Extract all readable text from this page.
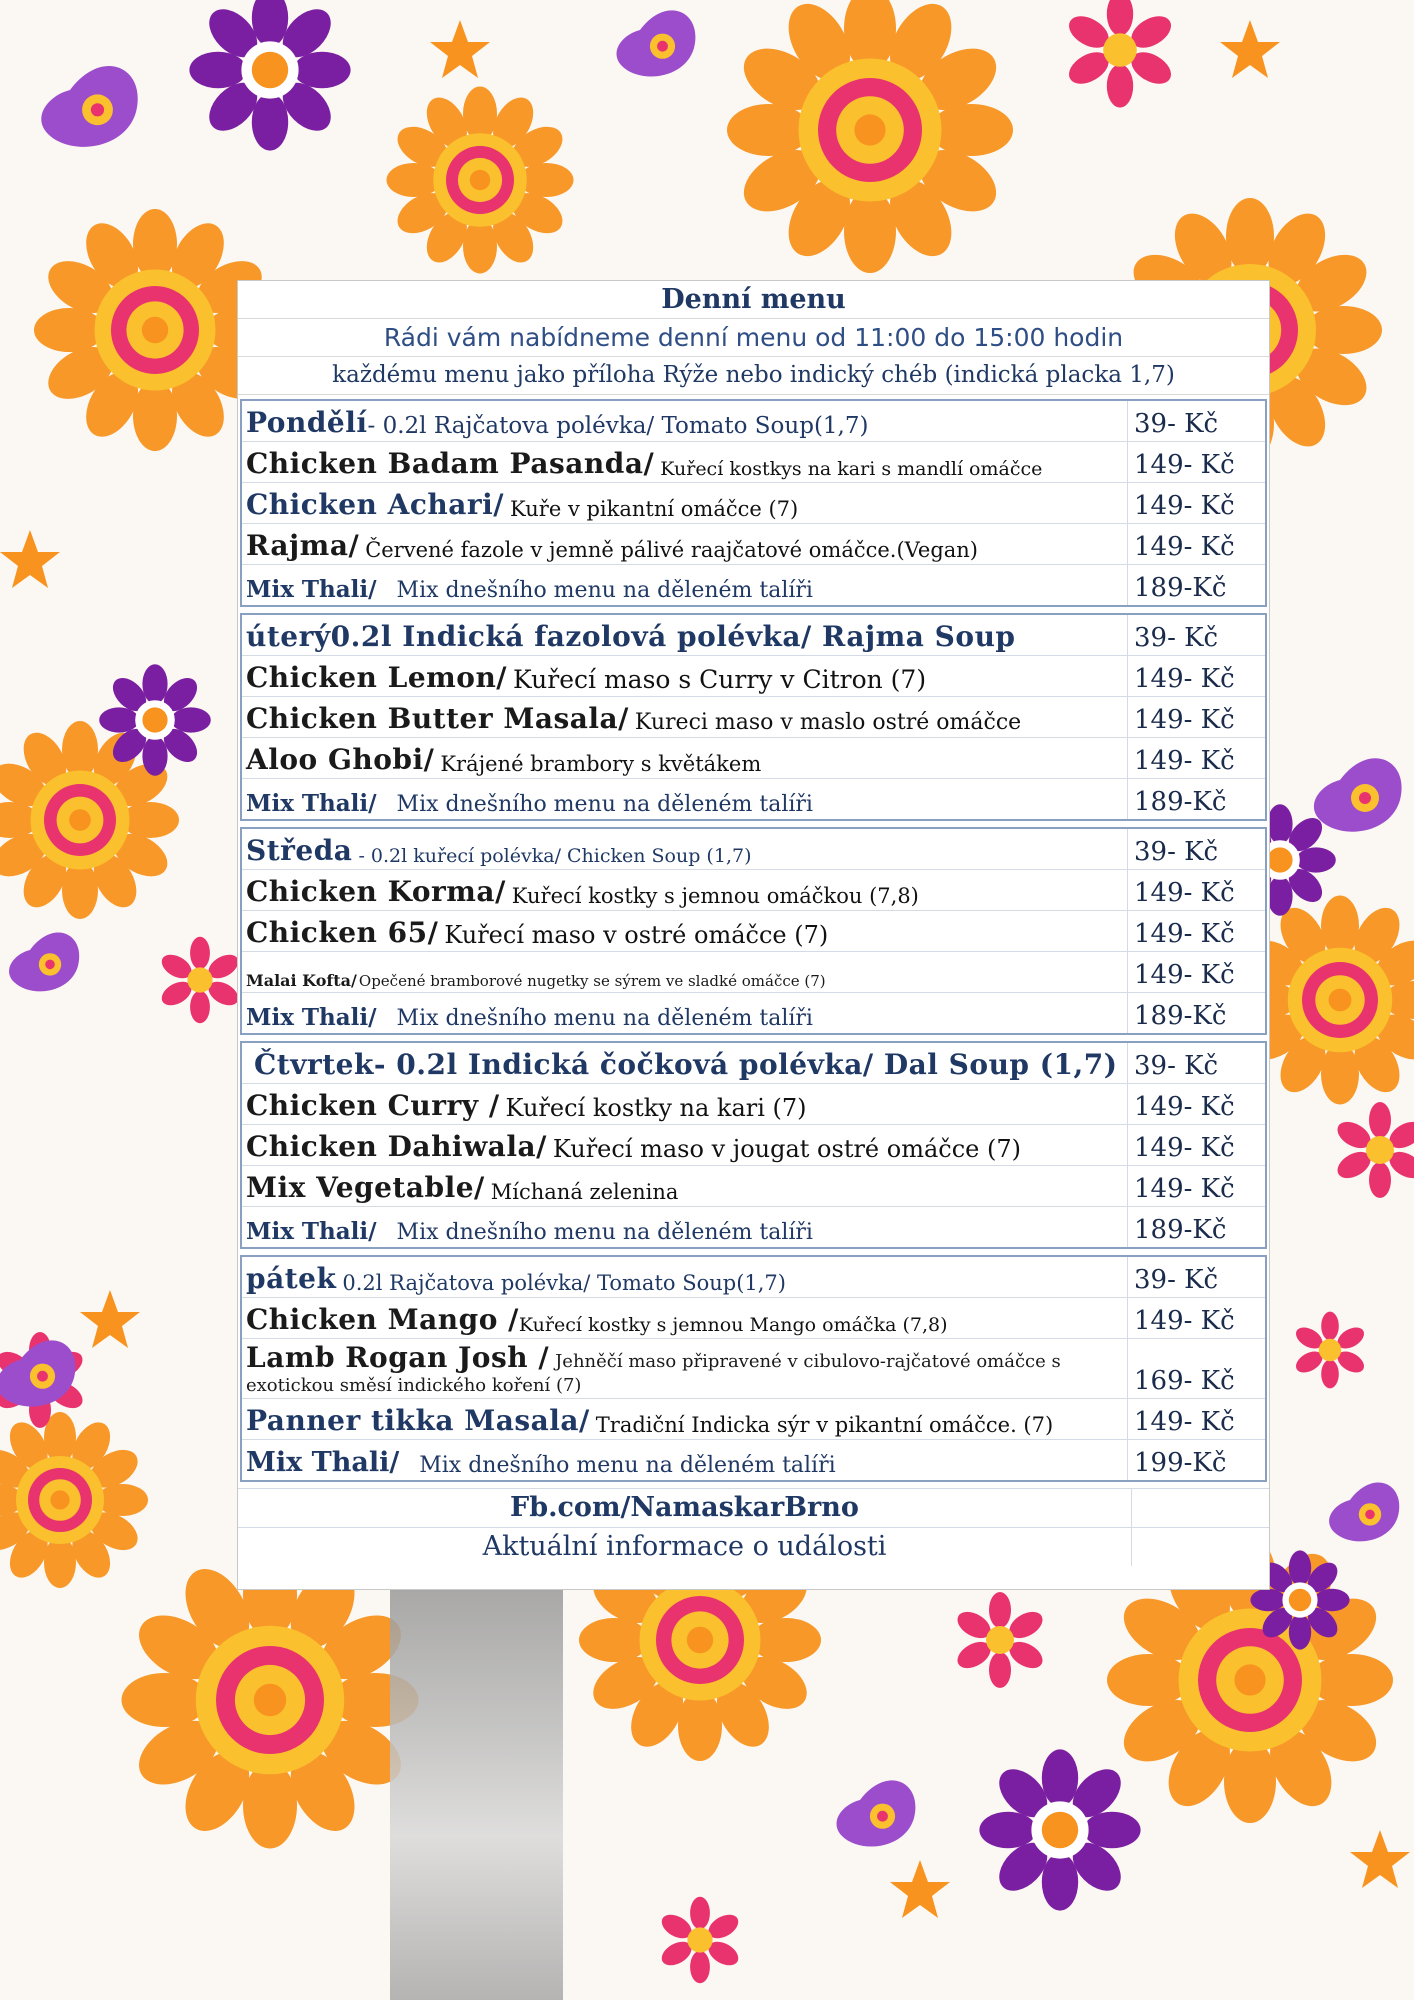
Denní menu
Rádi vám nabídneme denní menu od 11:00 do 15:00 hodin
každému menu jako příloha Rýže nebo indický chéb (indická placka 1,7)
Pondělí - 0.2l Rajčatova polévka/ Tomato Soup(1,7)	39- Kč
Chicken Badam Pasanda/ Kuřecí kostkys na kari s mandlí omáčce	149- Kč
Chicken Achari/ Kuře v pikantní omáčce (7)	149- Kč
Rajma/ Červené fazole v jemně pálivé raajčatové omáčce.(Vegan)	149- Kč
Mix Thali/ Mix dnešního menu na děleném talíři	189-Kč
úterý 0.2l Indická fazolová polévka/ Rajma Soup	39- Kč
Chicken Lemon/ Kuřecí maso s Curry v Citron (7)	149- Kč
Chicken Butter Masala/ Kureci maso v maslo ostré omáčce	149- Kč
Aloo Ghobi/ Krájené brambory s květákem	149- Kč
Mix Thali/ Mix dnešního menu na děleném talíři	189-Kč
Středa - 0.2l kuřecí polévka/ Chicken Soup (1,7)	39- Kč
Chicken Korma/ Kuřecí kostky s jemnou omáčkou (7,8)	149- Kč
Chicken 65/ Kuřecí maso v ostré omáčce (7)	149- Kč
Malai Kofta/ Opečené bramborové nugetky se sýrem ve sladké omáčce (7)	149- Kč
Mix Thali/ Mix dnešního menu na děleném talíři	189-Kč
Čtvrtek - 0.2l Indická čočková polévka/ Dal Soup (1,7) 39- Kč
Chicken Curry / Kuřecí kostky na kari (7)	149- Kč
Chicken Dahiwala/ Kuřecí maso v jougat ostré omáčce (7)	149- Kč
Mix Vegetable/ Míchaná zelenina	149- Kč
Mix Thali/ Mix dnešního menu na děleném talíři	189-Kč
pátek 0.2l Rajčatova polévka/ Tomato Soup(1,7)	39- Kč
Chicken Mango / Kuřecí kostky s jemnou Mango omáčka (7,8)	149- Kč
Lamb Rogan Josh / Jehněčí maso připravené v cibulovo-rajčatové omáčce s exotickou směsí indického koření (7)	169- Kč
Panner tikka Masala/ Tradiční Indicka sýr v pikantní omáčce. (7)	149- Kč
Mix Thali/ Mix dnešního menu na děleném talíři	199-Kč
Fb.com/NamaskarBrno
Aktuální informace o události
